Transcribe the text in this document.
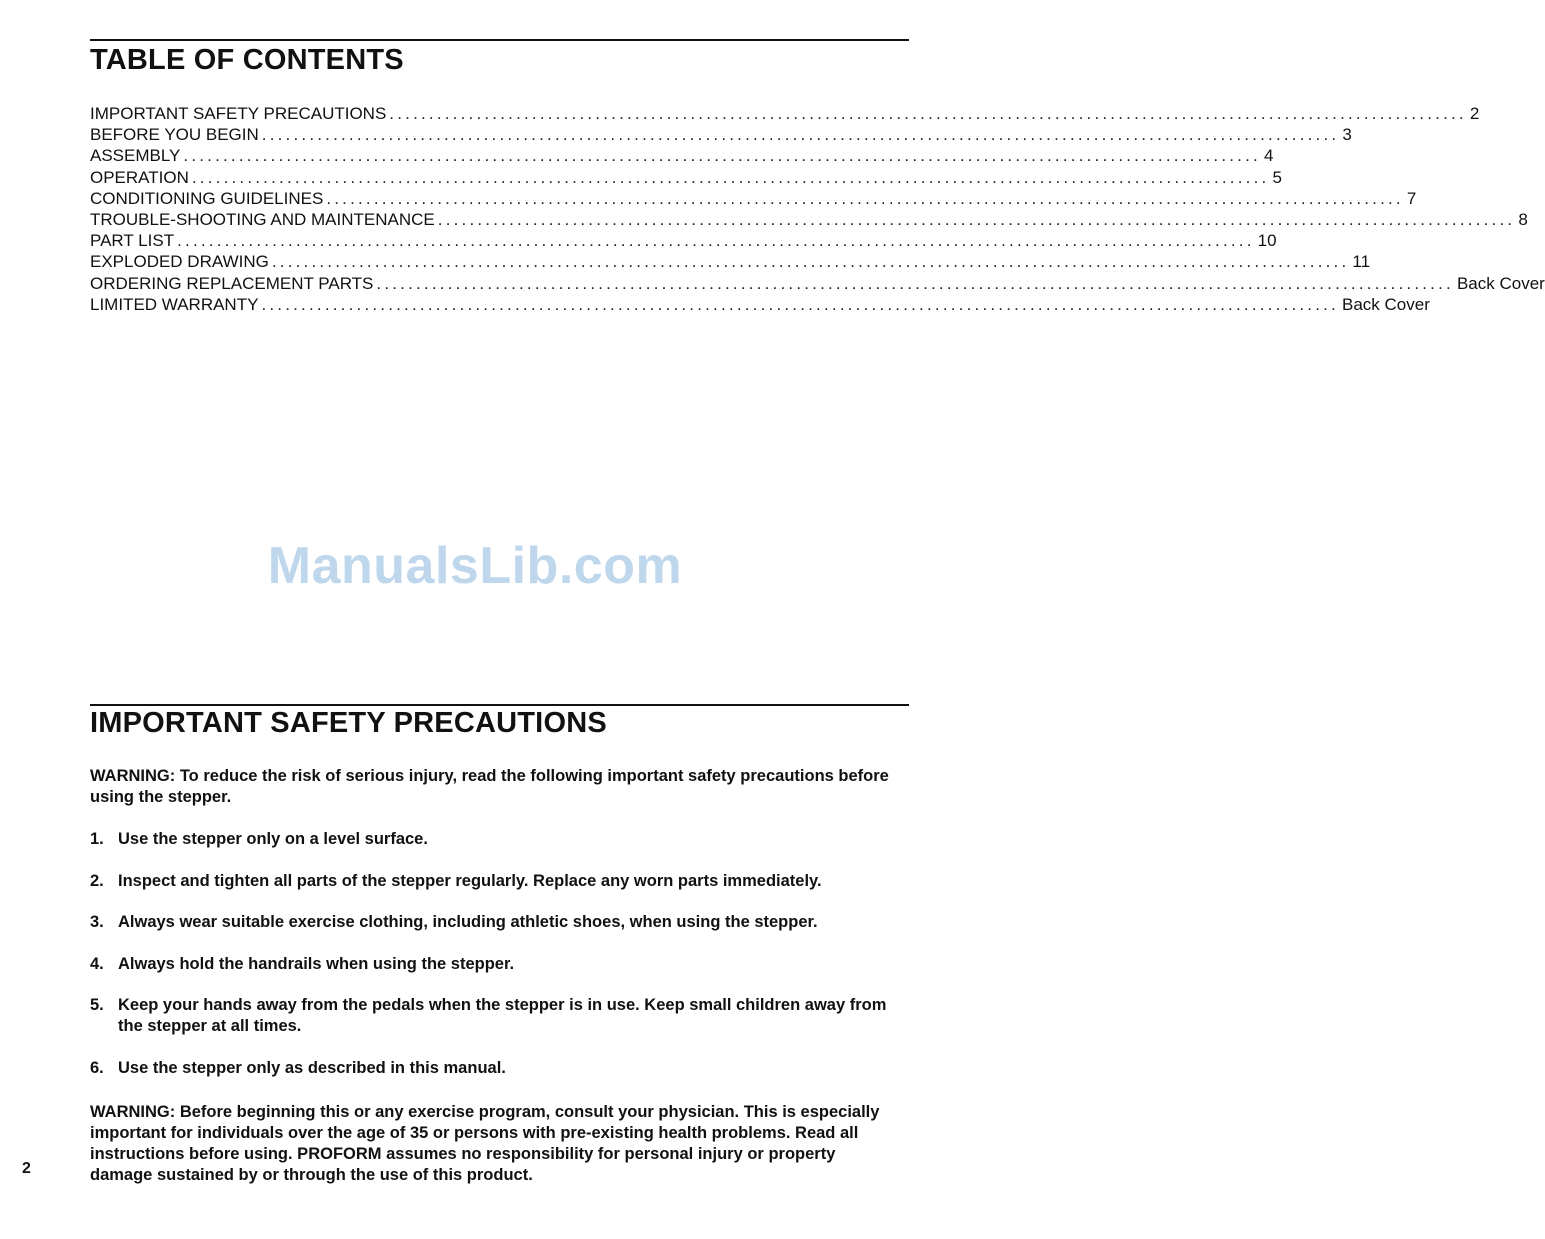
TABLE OF CONTENTS
IMPORTANT SAFETY PRECAUTIONS ........................................................................................................................................ 2
BEFORE YOU BEGIN ........................................................................................................................................ 3
ASSEMBLY ........................................................................................................................................ 4
OPERATION ........................................................................................................................................ 5
CONDITIONING GUIDELINES ........................................................................................................................................ 7
TROUBLE-SHOOTING AND MAINTENANCE ........................................................................................................................................ 8
PART LIST ........................................................................................................................................ 10
EXPLODED DRAWING ........................................................................................................................................ 11
ORDERING REPLACEMENT PARTS ........................................................................................................................................ Back Cover
LIMITED WARRANTY ........................................................................................................................................ Back Cover
ManualsLib.com
IMPORTANT SAFETY PRECAUTIONS

WARNING: To reduce the risk of serious injury, read the following important safety precautions before using the stepper.

1. Use the stepper only on a level surface.
2. Inspect and tighten all parts of the stepper regularly. Replace any worn parts immediately.
3. Always wear suitable exercise clothing, including athletic shoes, when using the stepper.
4. Always hold the handrails when using the stepper.
5. Keep your hands away from the pedals when the stepper is in use. Keep small children away from the stepper at all times.
6. Use the stepper only as described in this manual.

WARNING: Before beginning this or any exercise program, consult your physician. This is especially important for individuals over the age of 35 or persons with pre-existing health problems. Read all instructions before using. PROFORM assumes no responsibility for personal injury or property damage sustained by or through the use of this product.

2
